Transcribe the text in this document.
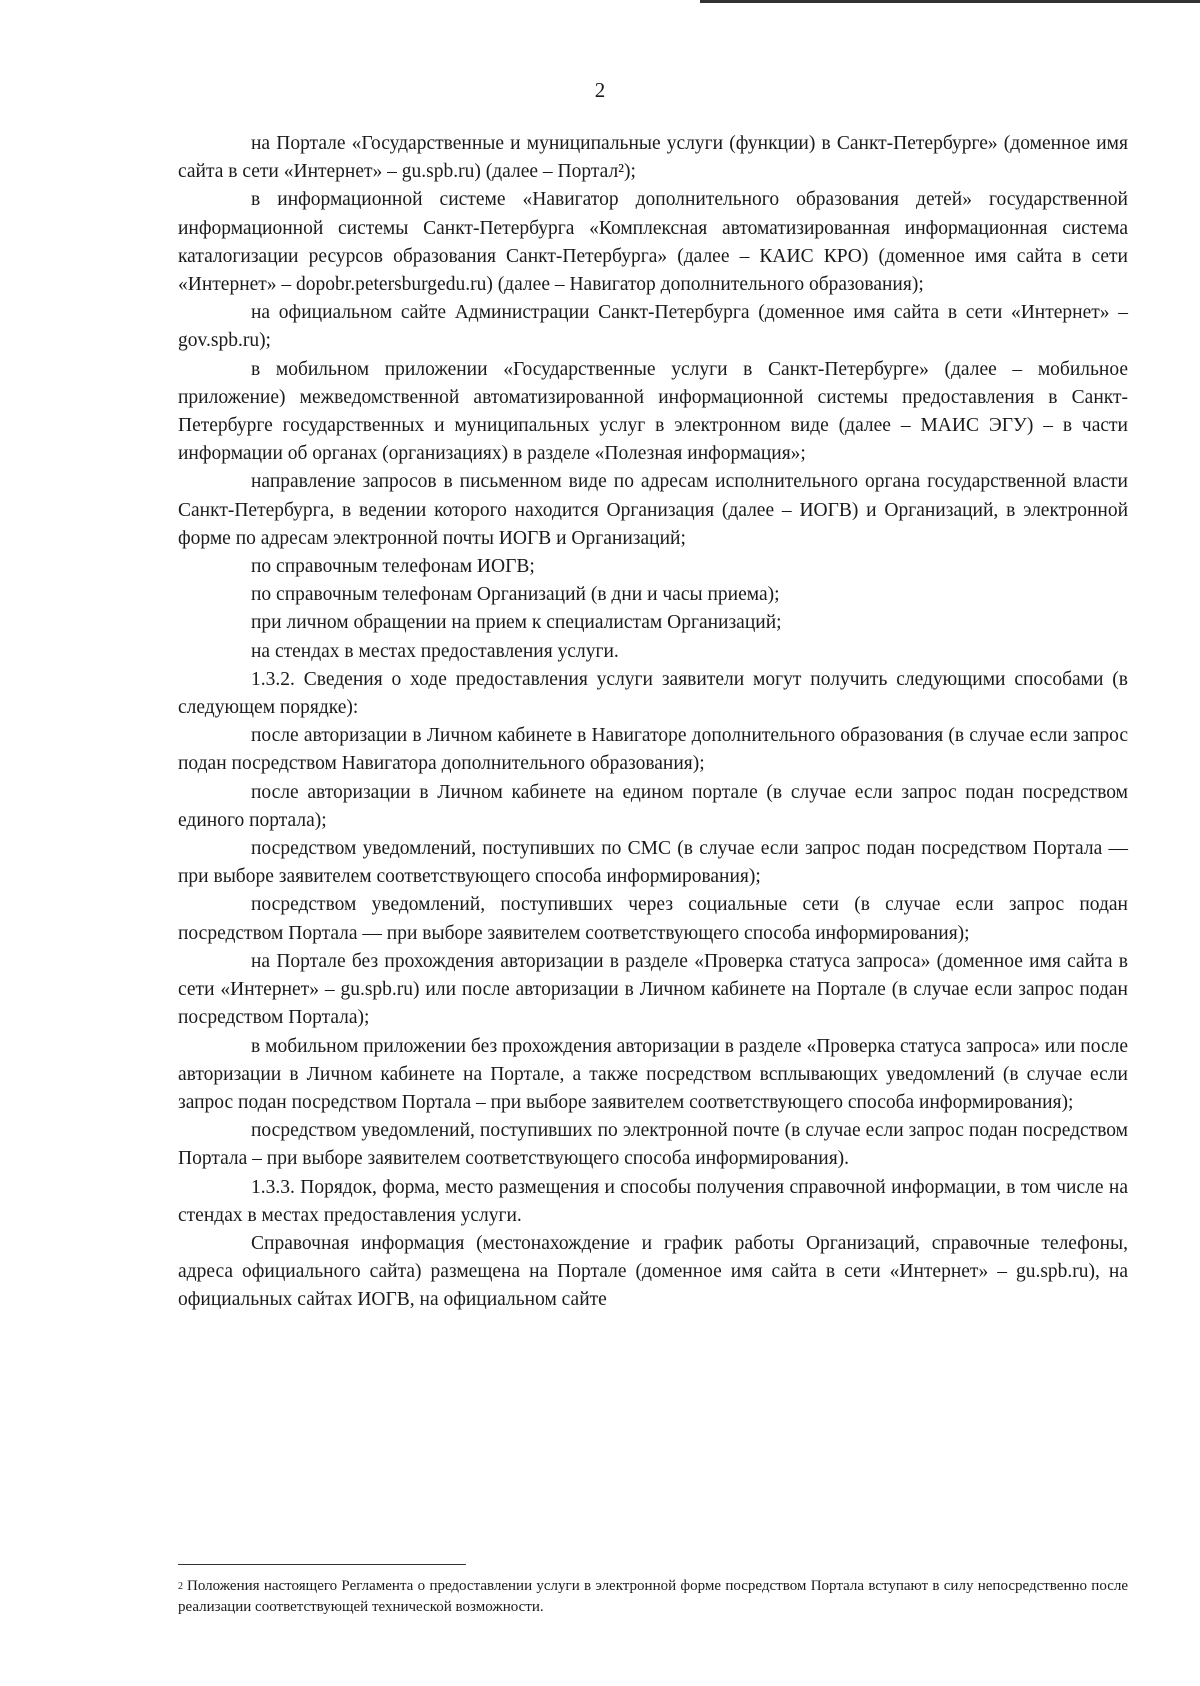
2

на Портале «Государственные и муниципальные услуги (функции) в Санкт-Петербурге» (доменное имя сайта в сети «Интернет» – gu.spb.ru) (далее – Портал²);

в информационной системе «Навигатор дополнительного образования детей» государственной информационной системы Санкт-Петербурга «Комплексная автоматизированная информационная система каталогизации ресурсов образования Санкт-Петербурга» (далее – КАИС КРО) (доменное имя сайта в сети «Интернет» – dopobr.petersburgedu.ru) (далее – Навигатор дополнительного образования);

на официальном сайте Администрации Санкт-Петербурга (доменное имя сайта в сети «Интернет» – gov.spb.ru);

в мобильном приложении «Государственные услуги в Санкт-Петербурге» (далее – мобильное приложение) межведомственной автоматизированной информационной системы предоставления в Санкт-Петербурге государственных и муниципальных услуг в электронном виде (далее – МАИС ЭГУ) – в части информации об органах (организациях) в разделе «Полезная информация»;

направление запросов в письменном виде по адресам исполнительного органа государственной власти Санкт-Петербурга, в ведении которого находится Организация (далее – ИОГВ) и Организаций, в электронной форме по адресам электронной почты ИОГВ и Организаций;

по справочным телефонам ИОГВ;

по справочным телефонам Организаций (в дни и часы приема);

при личном обращении на прием к специалистам Организаций;

на стендах в местах предоставления услуги.

1.3.2. Сведения о ходе предоставления услуги заявители могут получить следующими способами (в следующем порядке):

после авторизации в Личном кабинете в Навигаторе дополнительного образования (в случае если запрос подан посредством Навигатора дополнительного образования);

после авторизации в Личном кабинете на едином портале (в случае если запрос подан посредством единого портала);

посредством уведомлений, поступивших по СМС (в случае если запрос подан посредством Портала — при выборе заявителем соответствующего способа информирования);

посредством уведомлений, поступивших через социальные сети (в случае если запрос подан посредством Портала — при выборе заявителем соответствующего способа информирования);

на Портале без прохождения авторизации в разделе «Проверка статуса запроса» (доменное имя сайта в сети «Интернет» – gu.spb.ru) или после авторизации в Личном кабинете на Портале (в случае если запрос подан посредством Портала);

в мобильном приложении без прохождения авторизации в разделе «Проверка статуса запроса» или после авторизации в Личном кабинете на Портале, а также посредством всплывающих уведомлений (в случае если запрос подан посредством Портала – при выборе заявителем соответствующего способа информирования);

посредством уведомлений, поступивших по электронной почте (в случае если запрос подан посредством Портала – при выборе заявителем соответствующего способа информирования).

1.3.3. Порядок, форма, место размещения и способы получения справочной информации, в том числе на стендах в местах предоставления услуги.

Справочная информация (местонахождение и график работы Организаций, справочные телефоны, адреса официального сайта) размещена на Портале (доменное имя сайта в сети «Интернет» – gu.spb.ru), на официальных сайтах ИОГВ, на официальном сайте

$^2$ Положения настоящего Регламента о предоставлении услуги в электронной форме посредством Портала вступают в силу непосредственно после реализации соответствующей технической возможности.
